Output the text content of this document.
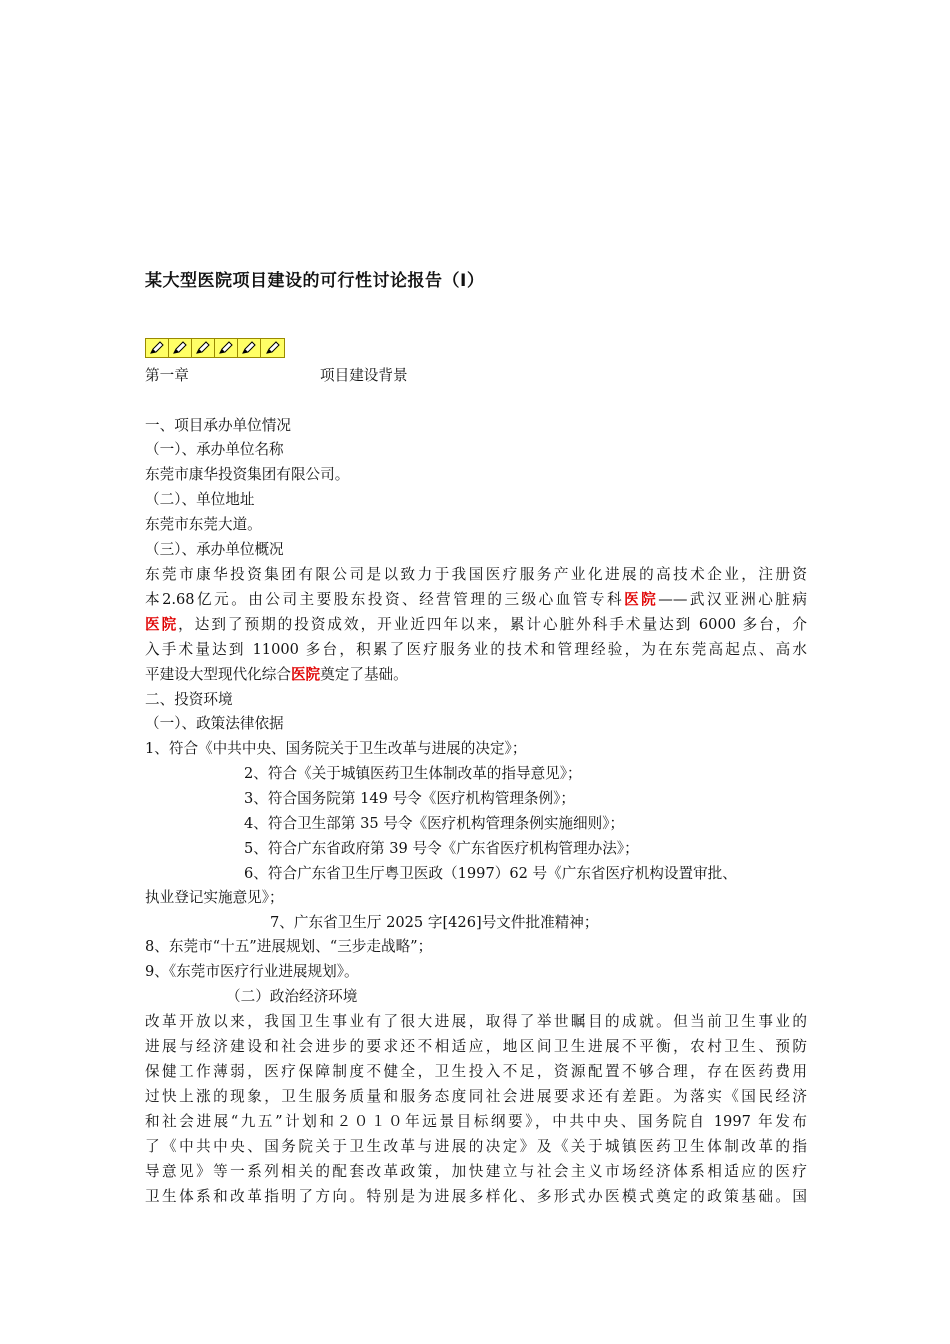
某大型医院项目建设的可行性讨论报告（I）
第一章	项目建设背景
一、项目承办单位情况
（一）、承办单位名称
东莞市康华投资集团有限公司。
（二）、单位地址
东莞市东莞大道。
（三）、承办单位概况
东莞市康华投资集团有限公司是以致力于我国医疗服务产业化进展的高技术企业，注册资
本2.68亿元。由公司主要股东投资、经营管理的三级心血管专科医院——武汉亚洲心脏病
医院，达到了预期的投资成效，开业近四年以来，累计心脏外科手术量达到 6000 多台，介
入手术量达到 11000 多台，积累了医疗服务业的技术和管理经验，为在东莞高起点、高水
平建设大型现代化综合医院奠定了基础。
二、投资环境
（一）、政策法律依据
1、符合《中共中央、国务院关于卫生改革与进展的决定》；
2、符合《关于城镇医药卫生体制改革的指导意见》；
3、符合国务院第 149 号令《医疗机构管理条例》；
4、符合卫生部第 35 号令《医疗机构管理条例实施细则》；
5、符合广东省政府第 39 号令《广东省医疗机构管理办法》；
6、符合广东省卫生厅粤卫医政（1997）62 号《广东省医疗机构设置审批、
执业登记实施意见》；
7、广东省卫生厅 2025 字[426]号文件批准精神；
8、东莞市“十五”进展规划、“三步走战略”；
9、《东莞市医疗行业进展规划》。
（二）政治经济环境
改革开放以来，我国卫生事业有了很大进展，取得了举世瞩目的成就。但当前卫生事业的
进展与经济建设和社会进步的要求还不相适应，地区间卫生进展不平衡，农村卫生、预防
保健工作薄弱，医疗保障制度不健全，卫生投入不足，资源配置不够合理，存在医药费用
过快上涨的现象，卫生服务质量和服务态度同社会进展要求还有差距。为落实《国民经济
和社会进展“九五”计划和２０１０年远景目标纲要》，中共中央、国务院自 1997 年发布
了《中共中央、国务院关于卫生改革与进展的决定》及《关于城镇医药卫生体制改革的指
导意见》等一系列相关的配套改革政策，加快建立与社会主义市场经济体系相适应的医疗
卫生体系和改革指明了方向。特别是为进展多样化、多形式办医模式奠定的政策基础。国
